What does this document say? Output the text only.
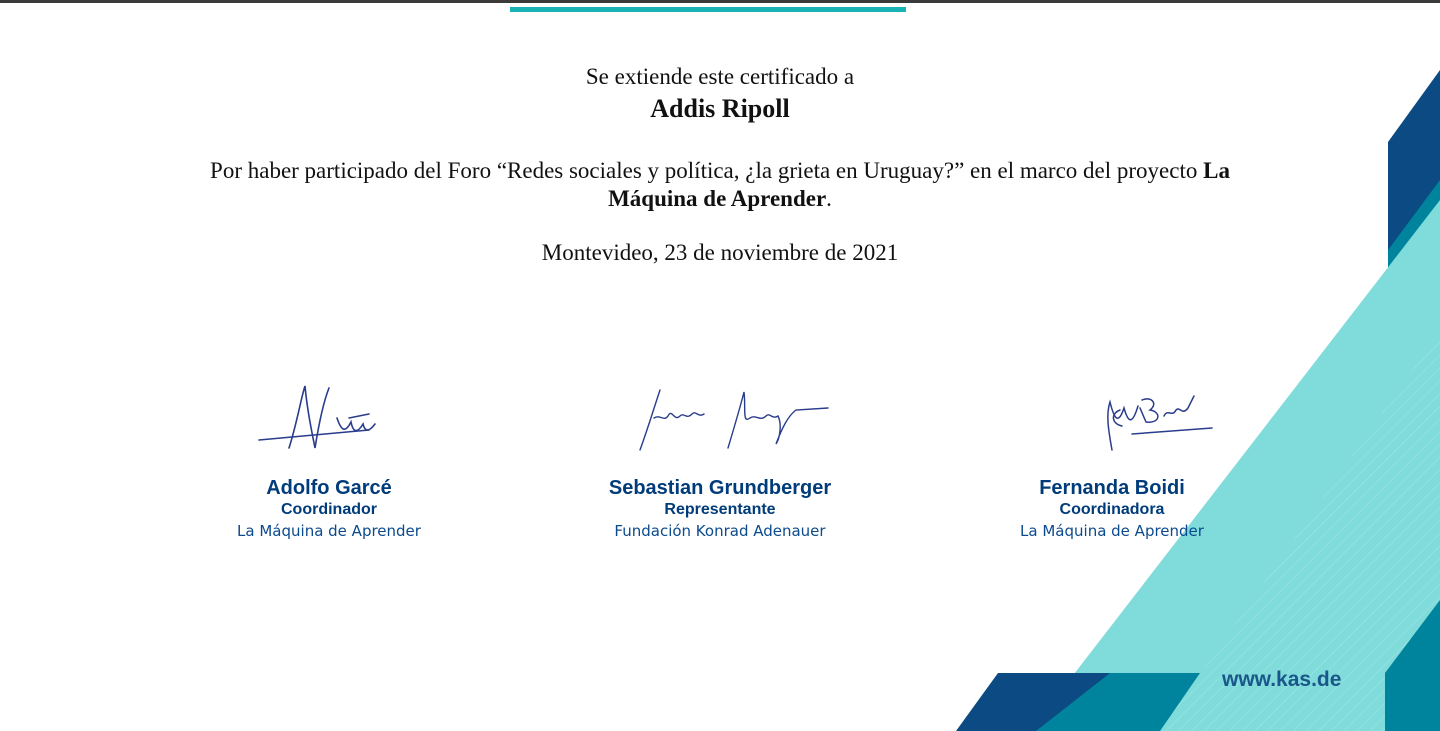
Se extiende este certificado a
Addis Ripoll
Por haber participado del Foro “Redes sociales y política, ¿la grieta en Uruguay?” en el marco del proyecto La Máquina de Aprender.
Montevideo, 23 de noviembre de 2021
Adolfo Garcé
Coordinador
La Máquina de Aprender
Sebastian Grundberger
Representante
Fundación Konrad Adenauer
Fernanda Boidi
Coordinadora
La Máquina de Aprender
www.kas.de
